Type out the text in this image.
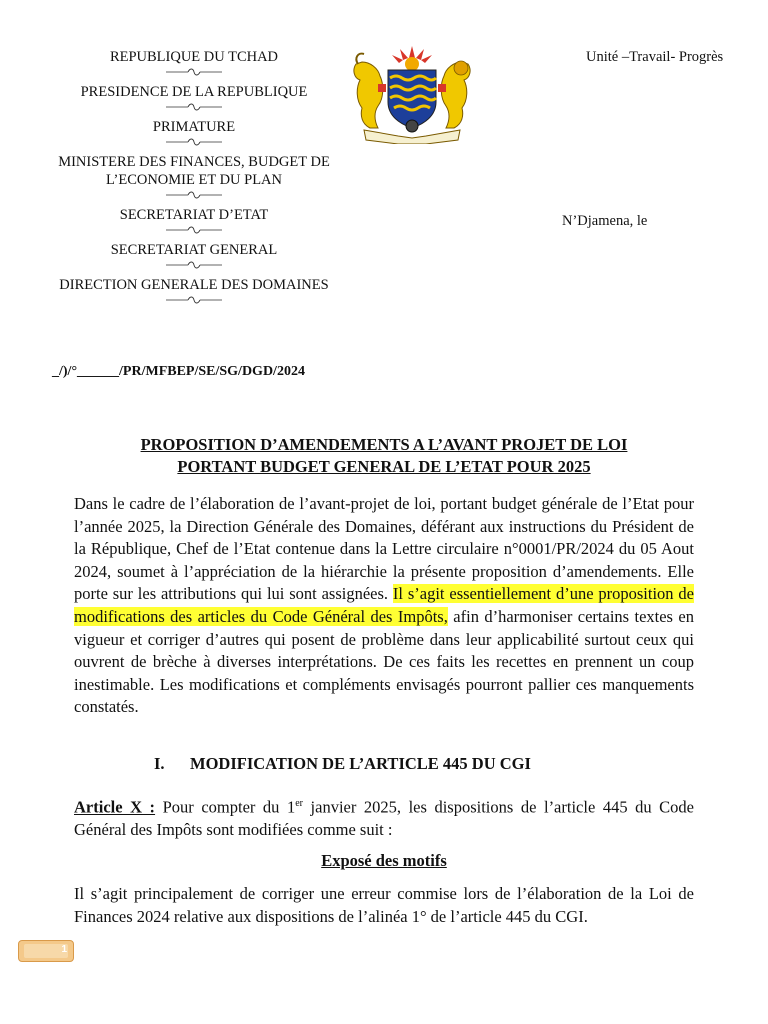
REPUBLIQUE DU TCHAD

PRESIDENCE DE LA REPUBLIQUE

PRIMATURE

MINISTERE DES FINANCES, BUDGET DE L’ECONOMIE ET DU PLAN

SECRETARIAT D’ETAT

SECRETARIAT GENERAL

DIRECTION GENERALE DES DOMAINES

Unité –Travail- Progrès
N’Djamena, le
_/)/°______/PR/MFBEP/SE/SG/DGD/2024
PROPOSITION D’AMENDEMENTS A L’AVANT PROJET DE LOI
PORTANT BUDGET GENERAL DE L’ETAT POUR 2025

Dans le cadre de l’élaboration de l’avant-projet de loi, portant budget générale de l’Etat pour l’année 2025, la Direction Générale des Domaines, déférant aux instructions du Président de la République, Chef de l’Etat contenue dans la Lettre circulaire n°0001/PR/2024 du 05 Aout 2024, soumet à l’appréciation de la hiérarchie la présente proposition d’amendements. Elle porte sur les attributions qui lui sont assignées. Il s’agit essentiellement d’une proposition de modifications des articles du Code Général des Impôts, afin d’harmoniser certains textes en vigueur et corriger d’autres qui posent de problème dans leur applicabilité surtout ceux qui ouvrent de brèche à diverses interprétations. De ces faits les recettes en prennent un coup inestimable. Les modifications et compléments envisagés pourront pallier ces manquements constatés.

I. MODIFICATION DE L’ARTICLE 445 DU CGI

Article X : Pour compter du 1er janvier 2025, les dispositions de l’article 445 du Code Général des Impôts sont modifiées comme suit :

Exposé des motifs

Il s’agit principalement de corriger une erreur commise lors de l’élaboration de la Loi de Finances 2024 relative aux dispositions de l’alinéa 1° de l’article 445 du CGI.

1
